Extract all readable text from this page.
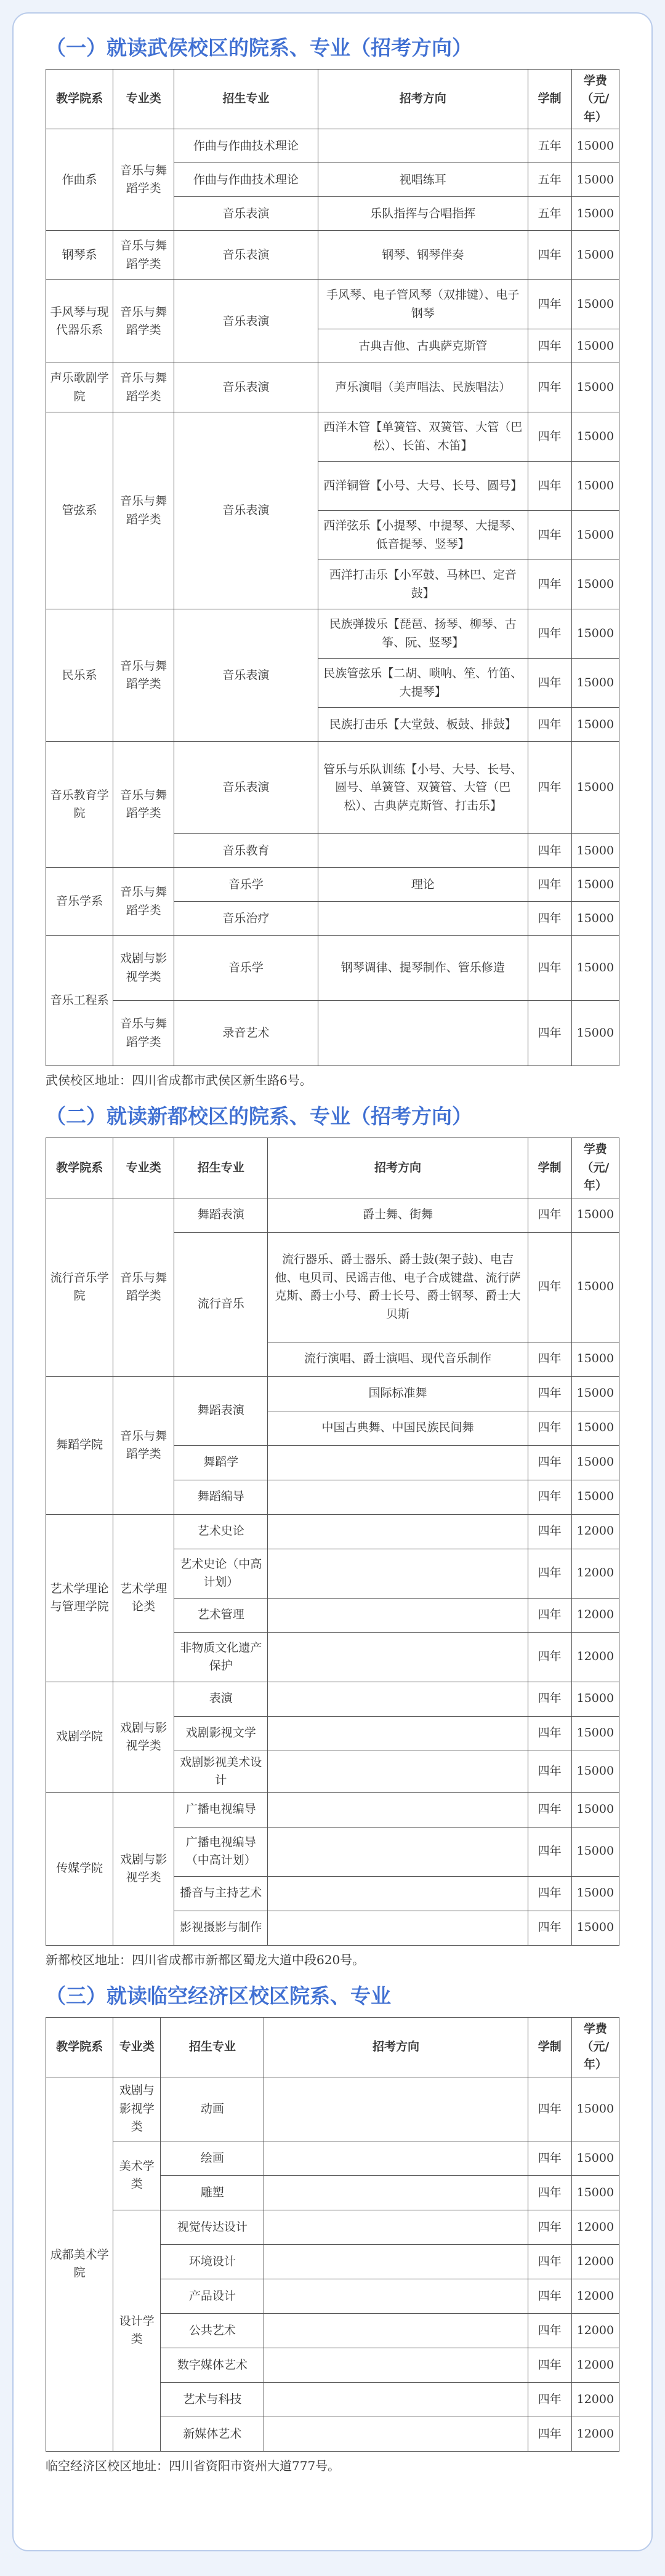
（一）就读武侯校区的院系、专业（招考方向）
教学院系	专业类	招生专业	招考方向	学制	学费（元/年）
作曲系	音乐与舞蹈学类	作曲与作曲技术理论		五年	15000
		作曲与作曲技术理论	视唱练耳	五年	15000
		音乐表演	乐队指挥与合唱指挥	五年	15000
钢琴系	音乐与舞蹈学类	音乐表演	钢琴、钢琴伴奏	四年	15000
手风琴与现代器乐系	音乐与舞蹈学类	音乐表演	手风琴、电子管风琴（双排键）、电子钢琴	四年	15000
			古典吉他、古典萨克斯管	四年	15000
声乐歌剧学院	音乐与舞蹈学类	音乐表演	声乐演唱（美声唱法、民族唱法）	四年	15000
管弦系	音乐与舞蹈学类	音乐表演	西洋木管【单簧管、双簧管、大管（巴 松）、长笛、木笛】	四年	15000
			西洋铜管【小号、大号、长号、圆号】	四年	15000
			西洋弦乐【小提琴、中提琴、大提琴、低音提琴、竖琴】	四年	15000
			西洋打击乐【小军鼓、马林巴、定音鼓】	四年	15000
民乐系	音乐与舞蹈学类	音乐表演	民族弹拨乐【琵琶、扬琴、柳琴、古筝、阮、竖琴】	四年	15000
			民族管弦乐【二胡、唢呐、笙、竹笛、大提琴】	四年	15000
			民族打击乐【大堂鼓、板鼓、排鼓】	四年	15000
音乐教育学院	音乐与舞蹈学类	音乐表演	管乐与乐队训练【小号、大号、长号、圆号、单簧管、双簧管、大管（巴松）、古典萨克斯管、打击乐】	四年	15000
		音乐教育		四年	15000
音乐学系	音乐与舞蹈学类	音乐学	理论	四年	15000
		音乐治疗		四年	15000
音乐工程系	戏剧与影视学类	音乐学	钢琴调律、提琴制作、管乐修造	四年	15000
	音乐与舞蹈学类	录音艺术		四年	15000
武侯校区地址：四川省成都市武侯区新生路6号。
（二）就读新都校区的院系、专业（招考方向）
教学院系	专业类	招生专业	招考方向	学制	学费（元/年）
流行音乐学院	音乐与舞蹈学类	舞蹈表演	爵士舞、街舞	四年	15000
		流行音乐	流行器乐、爵士器乐、爵士鼓(架子鼓)、电吉他、电贝司、民谣吉他、电子合成键盘、流行萨克斯、爵士小号、爵士长号、爵士钢琴、爵士大贝斯	四年	15000
			流行演唱、爵士演唱、现代音乐制作	四年	15000
舞蹈学院	音乐与舞蹈学类	舞蹈表演	国际标准舞	四年	15000
			中国古典舞、中国民族民间舞	四年	15000
		舞蹈学		四年	15000
		舞蹈编导		四年	15000
艺术学理论与管理学院	艺术学理论类	艺术史论		四年	12000
		艺术史论（中高计划）		四年	12000
		艺术管理		四年	12000
		非物质文化遗产保护		四年	12000
戏剧学院	戏剧与影视学类	表演		四年	15000
		戏剧影视文学		四年	15000
		戏剧影视美术设计		四年	15000
传媒学院	戏剧与影视学类	广播电视编导		四年	15000
		广播电视编导（中高计划）		四年	15000
		播音与主持艺术		四年	15000
		影视摄影与制作		四年	15000
新都校区地址：四川省成都市新都区蜀龙大道中段620号。
（三）就读临空经济区校区院系、专业
教学院系	专业类	招生专业	招考方向	学制	学费（元/年）
成都美术学院	戏剧与影视学类	动画		四年	15000
	美术学类	绘画		四年	15000
		雕塑		四年	15000
	设计学类	视觉传达设计		四年	12000
		环境设计		四年	12000
		产品设计		四年	12000
		公共艺术		四年	12000
		数字媒体艺术		四年	12000
		艺术与科技		四年	12000
		新媒体艺术		四年	12000
临空经济区校区地址：四川省资阳市资州大道777号。
